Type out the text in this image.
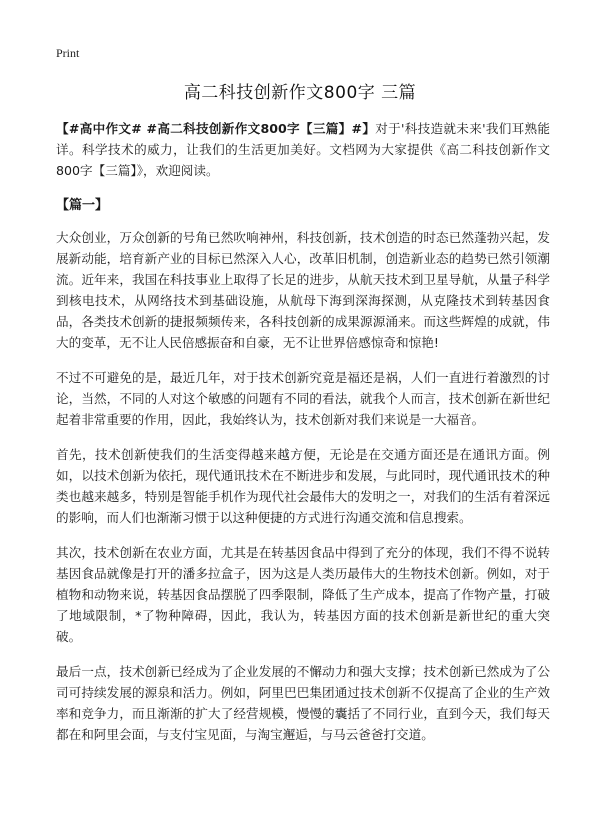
Print
高二科技创新作文800字 三篇

【#高中作文# #高二科技创新作文800字【三篇】#】对于'科技造就未来'我们耳熟能详。科学技术的威力，让我们的生活更加美好。文档网为大家提供《高二科技创新作文800字【三篇】》，欢迎阅读。

【篇一】

大众创业，万众创新的号角已然吹响神州，科技创新，技术创造的时态已然蓬勃兴起，发展新动能，培育新产业的目标已然深入人心，改革旧机制，创造新业态的趋势已然引领潮流。近年来，我国在科技事业上取得了长足的进步，从航天技术到卫星导航，从量子科学到核电技术，从网络技术到基础设施，从航母下海到深海探测，从克隆技术到转基因食品，各类技术创新的捷报频频传来，各科技创新的成果源源涌来。而这些辉煌的成就，伟大的变革，无不让人民倍感振奋和自豪，无不让世界倍感惊奇和惊艳!

不过不可避免的是，最近几年，对于技术创新究竟是福还是祸，人们一直进行着激烈的讨论，当然，不同的人对这个敏感的问题有不同的看法，就我个人而言，技术创新在新世纪起着非常重要的作用，因此，我始终认为，技术创新对我们来说是一大福音。

首先，技术创新使我们的生活变得越来越方便，无论是在交通方面还是在通讯方面。例如，以技术创新为依托，现代通讯技术在不断进步和发展，与此同时，现代通讯技术的种类也越来越多，特别是智能手机作为现代社会最伟大的发明之一，对我们的生活有着深远的影响，而人们也渐渐习惯于以这种便捷的方式进行沟通交流和信息搜索。

其次，技术创新在农业方面，尤其是在转基因食品中得到了充分的体现，我们不得不说转基因食品就像是打开的潘多拉盒子，因为这是人类历最伟大的生物技术创新。例如，对于植物和动物来说，转基因食品摆脱了四季限制，降低了生产成本，提高了作物产量，打破了地域限制，*了物种障碍，因此，我认为，转基因方面的技术创新是新世纪的重大突破。

最后一点，技术创新已经成为了企业发展的不懈动力和强大支撑；技术创新已然成为了公司可持续发展的源泉和活力。例如，阿里巴巴集团通过技术创新不仅提高了企业的生产效率和竞争力，而且渐渐的扩大了经营规模，慢慢的囊括了不同行业，直到今天，我们每天都在和阿里会面，与支付宝见面，与淘宝邂逅，与马云爸爸打交道。
